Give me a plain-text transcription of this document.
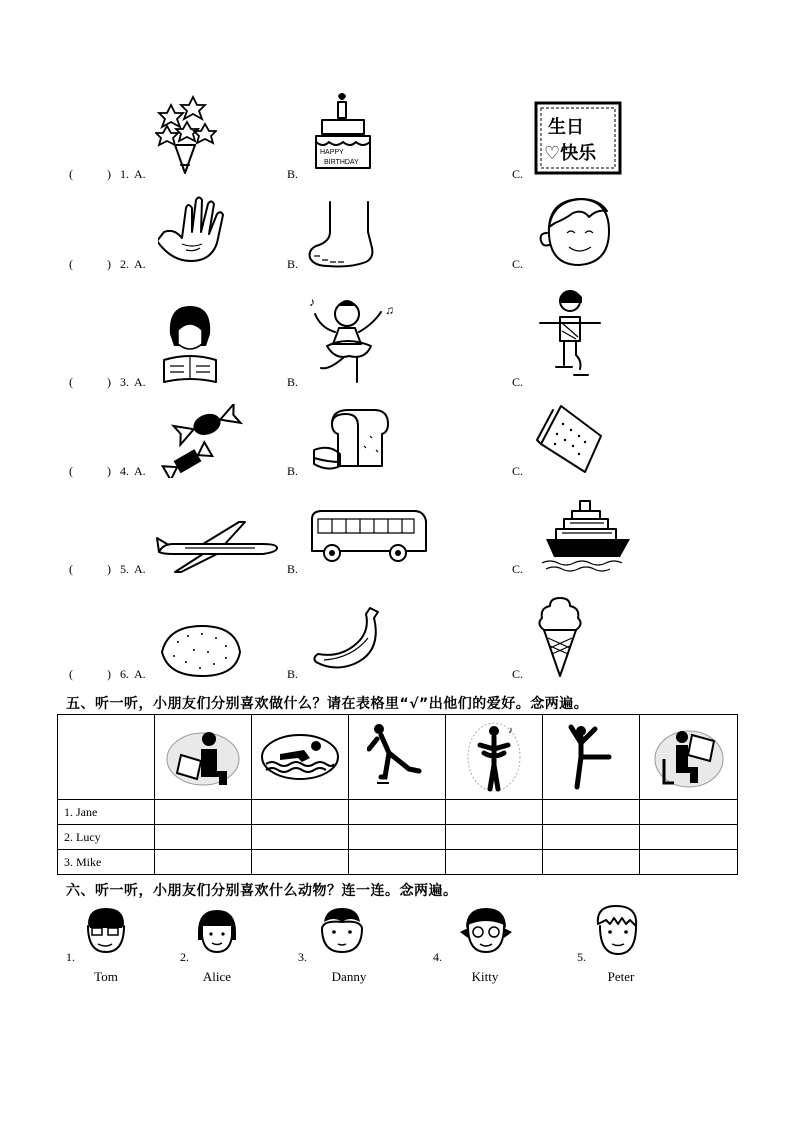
(	) 1. A.	B.	C.
HAPPY
BIRTHDAY
生日
♡快乐
(	) 2. A.	B.	C.
(	) 3. A.	B.	C.
♪
♫
(	) 4. A.	B.	C.
(	) 5. A.	B.	C.
(	) 6. A.	B.	C.
五、听一听，小朋友们分别喜欢做什么？请在表格里“√”出他们的爱好。念两遍。

♪

1. Jane						
2. Lucy						
3. Mike						
六、听一听，小朋友们分别喜欢什么动物？连一连。念两遍。
1.
Tom
2.
Alice
3.
Danny
4.
Kitty
5.
Peter
